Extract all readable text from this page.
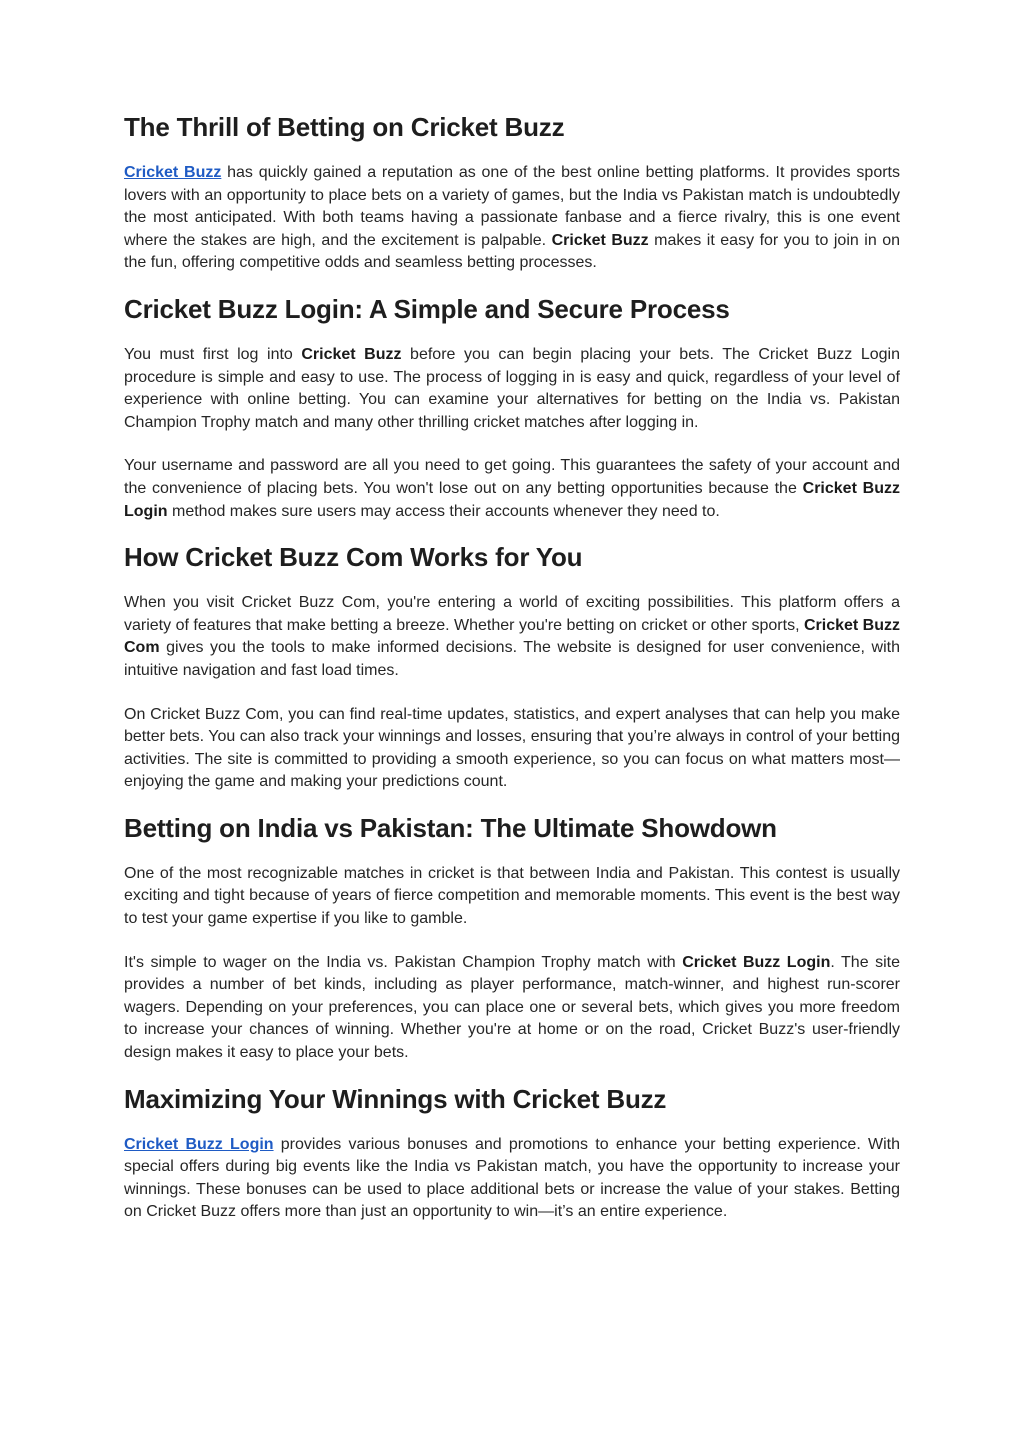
The Thrill of Betting on Cricket Buzz

Cricket Buzz has quickly gained a reputation as one of the best online betting platforms. It provides sports lovers with an opportunity to place bets on a variety of games, but the India vs Pakistan match is undoubtedly the most anticipated. With both teams having a passionate fanbase and a fierce rivalry, this is one event where the stakes are high, and the excitement is palpable. Cricket Buzz makes it easy for you to join in on the fun, offering competitive odds and seamless betting processes.

Cricket Buzz Login: A Simple and Secure Process

You must first log into Cricket Buzz before you can begin placing your bets. The Cricket Buzz Login procedure is simple and easy to use. The process of logging in is easy and quick, regardless of your level of experience with online betting. You can examine your alternatives for betting on the India vs. Pakistan Champion Trophy match and many other thrilling cricket matches after logging in.

Your username and password are all you need to get going. This guarantees the safety of your account and the convenience of placing bets. You won't lose out on any betting opportunities because the Cricket Buzz Login method makes sure users may access their accounts whenever they need to.

How Cricket Buzz Com Works for You

When you visit Cricket Buzz Com, you're entering a world of exciting possibilities. This platform offers a variety of features that make betting a breeze. Whether you're betting on cricket or other sports, Cricket Buzz Com gives you the tools to make informed decisions. The website is designed for user convenience, with intuitive navigation and fast load times.

On Cricket Buzz Com, you can find real-time updates, statistics, and expert analyses that can help you make better bets. You can also track your winnings and losses, ensuring that you’re always in control of your betting activities. The site is committed to providing a smooth experience, so you can focus on what matters most—enjoying the game and making your predictions count.

Betting on India vs Pakistan: The Ultimate Showdown

One of the most recognizable matches in cricket is that between India and Pakistan. This contest is usually exciting and tight because of years of fierce competition and memorable moments. This event is the best way to test your game expertise if you like to gamble.

It's simple to wager on the India vs. Pakistan Champion Trophy match with Cricket Buzz Login. The site provides a number of bet kinds, including as player performance, match-winner, and highest run-scorer wagers. Depending on your preferences, you can place one or several bets, which gives you more freedom to increase your chances of winning. Whether you're at home or on the road, Cricket Buzz's user-friendly design makes it easy to place your bets.

Maximizing Your Winnings with Cricket Buzz

Cricket Buzz Login provides various bonuses and promotions to enhance your betting experience. With special offers during big events like the India vs Pakistan match, you have the opportunity to increase your winnings. These bonuses can be used to place additional bets or increase the value of your stakes. Betting on Cricket Buzz offers more than just an opportunity to win—it’s an entire experience.
